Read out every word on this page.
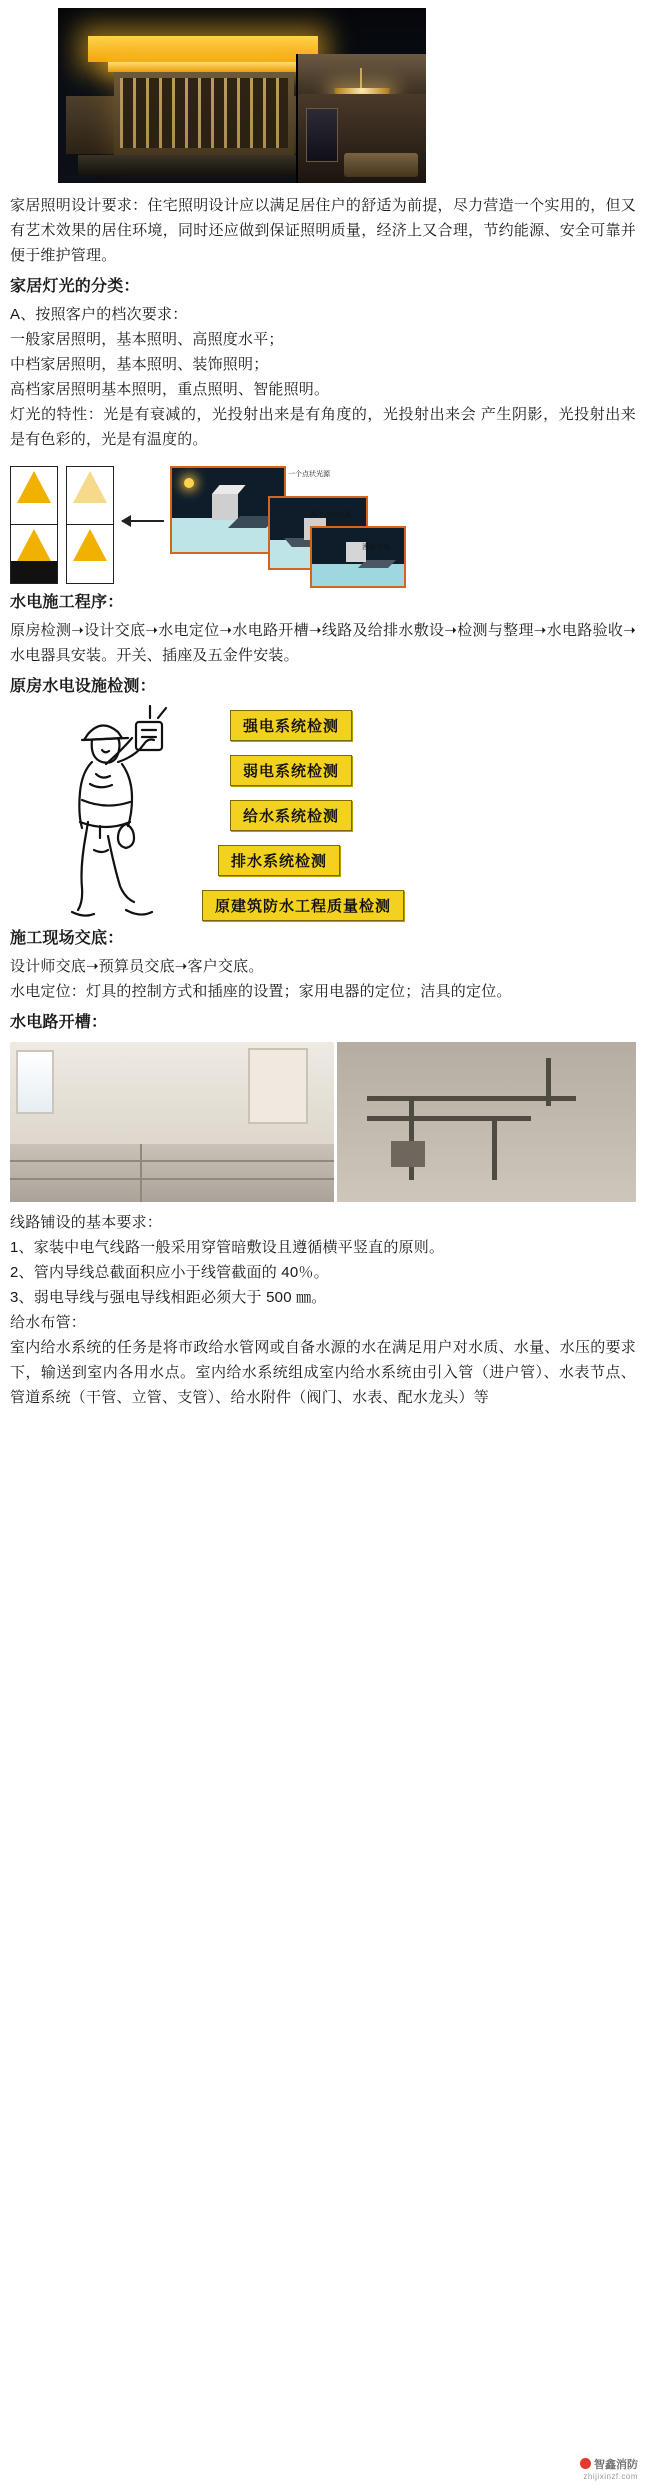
家居照明设计要求：住宅照明设计应以满足居住户的舒适为前提，尽力营造一个实用的，但又有艺术效果的居住环境，同时还应做到保证照明质量，经济上又合理，节约能源、安全可靠并便于维护管理。

家居灯光的分类：

A、按照客户的档次要求：

一般家居照明，基本照明、高照度水平；

中档家居照明，基本照明、装饰照明；

高档家居照明基本照明，重点照明、智能照明。

灯光的特性：光是有衰减的，光投射出来是有角度的，光投射出来会 产生阴影，光投射出来是有色彩的，光是有温度的。

一个点状光源
两个点状光源
漫射光源
水电施工程序：

原房检测➝设计交底➝水电定位➝水电路开槽➝线路及给排水敷设➝检测与整理➝水电路验收➝水电器具安装。开关、插座及五金件安装。

原房水电设施检测：
强电系统检测
弱电系统检测
给水系统检测
排水系统检测
原建筑防水工程质量检测
施工现场交底：

设计师交底➝预算员交底➝客户交底。

水电定位：灯具的控制方式和插座的设置；家用电器的定位；洁具的定位。

水电路开槽：

线路铺设的基本要求：

1、家装中电气线路一般采用穿管暗敷设且遵循横平竖直的原则。

2、管内导线总截面积应小于线管截面的 40％。

3、弱电导线与强电导线相距必须大于 500 ㎜。

给水布管：

室内给水系统的任务是将市政给水管网或自备水源的水在满足用户对水质、水量、水压的要求下，输送到室内各用水点。室内给水系统组成室内给水系统由引入管（进户管）、水表节点、管道系统（干管、立管、支管）、给水附件（阀门、水表、配水龙头）等

智鑫消防
zhijixinzf.com
